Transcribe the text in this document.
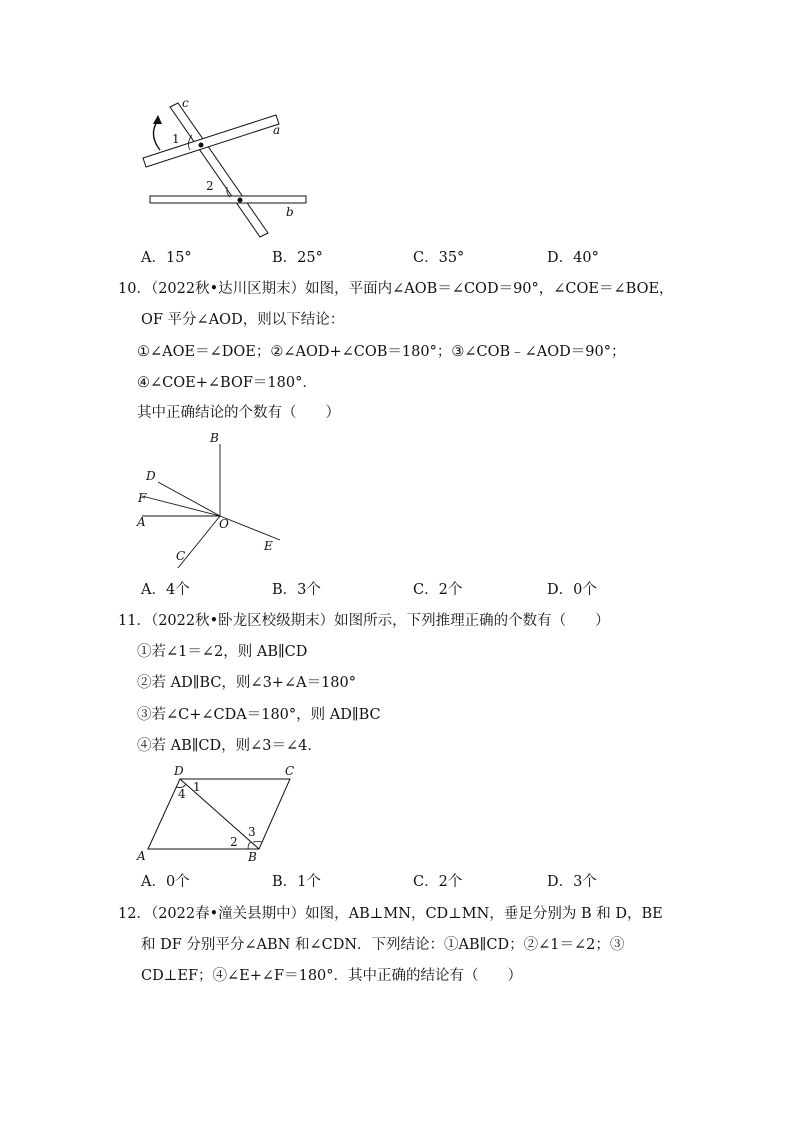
c
a
b
1
2
A．15°	B．25°	C．35°	D．40°
10．（2022秋•达川区期末）如图，平面内∠AOB＝∠COD＝90°，∠COE＝∠BOE，
OF 平分∠AOD，则以下结论：
①∠AOE＝∠DOE；②∠AOD+∠COB＝180°；③∠COB﹣∠AOD＝90°；
④∠COE+∠BOF＝180°．
其中正确结论的个数有（　　）
B
D
F
A	O
C
E
A．4个	B．3个	C．2个	D．0个
11．（2022秋•卧龙区校级期末）如图所示，下列推理正确的个数有（　　）
①若∠1＝∠2，则 AB∥CD
②若 AD∥BC，则∠3+∠A＝180°
③若∠C+∠CDA＝180°，则 AD∥BC
④若 AB∥CD，则∠3＝∠4．
D	C
A	B
1
4
2
3
A．0个	B．1个	C．2个	D．3个
12．（2022春•潼关县期中）如图，AB⊥MN，CD⊥MN，垂足分别为 B 和 D，BE
和 DF 分别平分∠ABN 和∠CDN．下列结论：①AB∥CD；②∠1＝∠2；③
CD⊥EF；④∠E+∠F＝180°．其中正确的结论有（　　）
